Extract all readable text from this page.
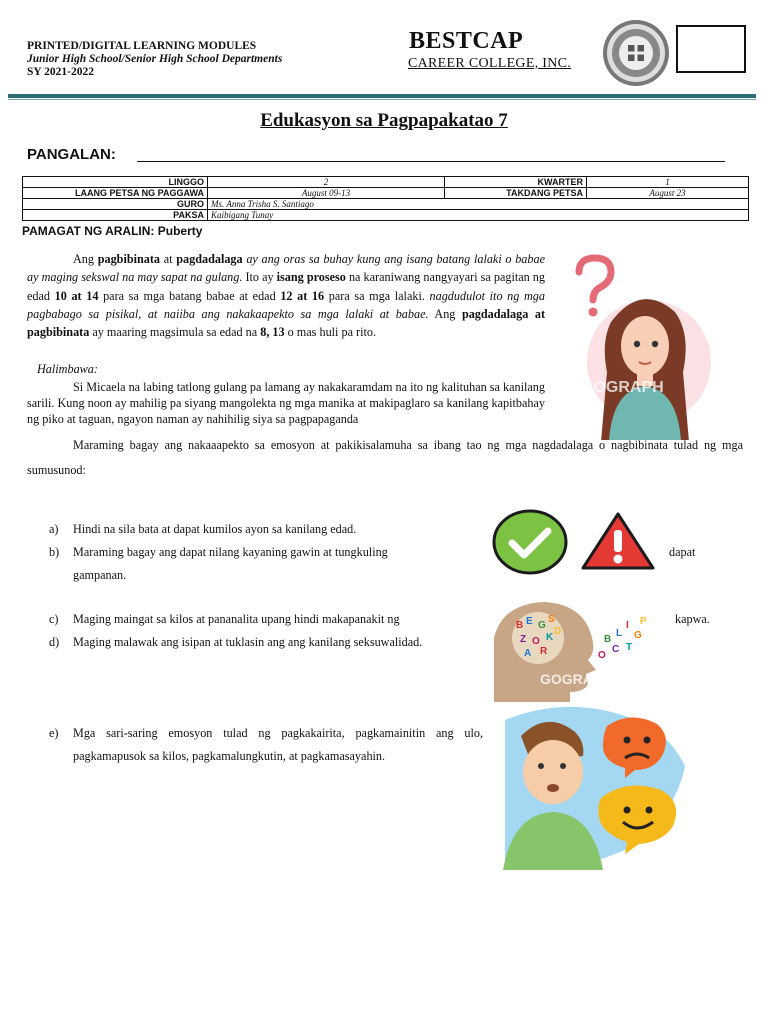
PRINTED/DIGITAL LEARNING MODULES
Junior High School/Senior High School Departments
SY 2021-2022
BESTCAP
CAREER COLLEGE, INC.
Edukasyon sa Pagpapakatao 7
PANGALAN:
LINGGO	2	KWARTER	1
LAANG PETSA NG PAGGAWA	August 09-13	TAKDANG PETSA	August 23
GURO	Ms. Anna Trisha S. Santiago		
PAKSA	Kaibigang Tunay		
PAMAGAT NG ARALIN: Puberty
Ang pagbibinata at pagdadalaga ay ang oras sa buhay kung ang isang batang lalaki o babae ay maging sekswal na may sapat na gulang. Ito ay isang proseso na karaniwang nangyayari sa pagitan ng edad 10 at 14 para sa mga batang babae at edad 12 at 16 para sa mga lalaki. nagdudulot ito ng mga pagbabago sa pisikal, at naiiba ang nakakaapekto sa mga lalaki at babae. Ang pagdadalaga at pagbibinata ay maaring magsimula sa edad na 8, 13 o mas huli pa rito.
Halimbawa:
Si Micaela na labing tatlong gulang pa lamang ay nakakaramdam na ito ng kalituhan sa kanilang sarili. Kung noon ay mahilig pa siyang mangolekta ng mga manika at makipaglaro sa kanilang kapitbahay ng piko at taguan, ngayon naman ay nahihilig siya sa pagpapaganda
GOGRAPH
Maraming bagay ang nakaaapekto sa emosyon at pakikisalamuha sa ibang tao ng mga nagdadalaga o nagbibinata tulad ng mga sumusunod:
a) Hindi na sila bata at dapat kumilos ayon sa kanilang edad.
b) Maraming bagay ang dapat nilang kayaning gawin at tungkuling
gampanan.
dapat
c) Maging maingat sa kilos at pananalita upang hindi makapanakit ng	kapwa.
d) Maging malawak ang isipan at tuklasin ang ang kanilang seksuwalidad.
B E G
S
Z O K
D
A R
B
L
I
G
C T
O
P
GOGRAPH
e) Mga sari-saring emosyon tulad ng pagkakairita, pagkamainitin ang ulo, pagkamapusok sa kilos, pagkamalungkutin, at pagkamasayahin.
